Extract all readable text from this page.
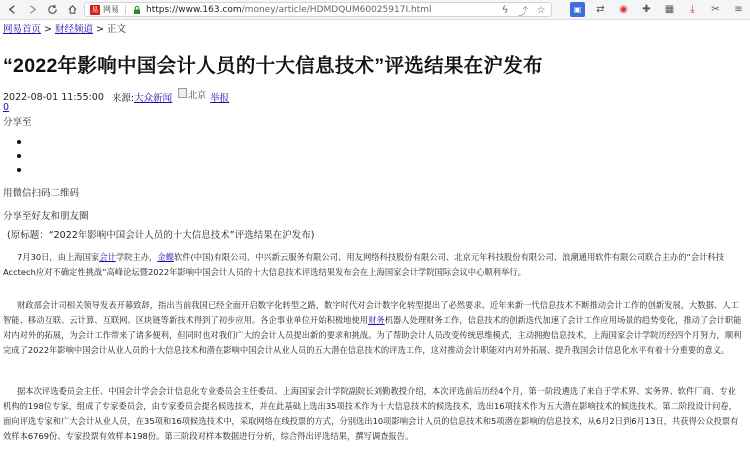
易 网易	https://www.163.com/money/article/HDMDQUM60025917I.html	ϟ ⤴ ☆	▣	⇄	◉	✚	▦	⤓	✂	≡
网易首页 > 财经频道 > 正文
“2022年影响中国会计人员的十大信息技术”评选结果在沪发布
2022-08-01 11:55:00 来源: 大众新闻 北京 举报
0
分享至
用微信扫码二维码
分享至好友和朋友圈
(原标题：“2022年影响中国会计人员的十大信息技术”评选结果在沪发布)

7月30日，由上海国家会计学院主办，金蝶软件(中国)有限公司、中兴新云服务有限公司、用友网络科技股份有限公司、北京元年科技股份有限公司、浪潮通用软件有限公司联合主办的“会计科技Acctech应对不确定性挑战”高峰论坛暨2022年影响中国会计人员的十大信息技术评选结果发布会在上海国家会计学院国际会议中心顺利举行。

财政部会计司相关领导发表开幕致辞，指出当前我国已经全面开启数字化转型之路，数字时代对会计数字化转型提出了必然要求。近年来新一代信息技术不断推动会计工作的创新发展，大数据、人工智能、移动互联、云计算、互联网、区块链等新技术得到了初步应用。各企事业单位开始积极地使用财务机器人处理财务工作，信息技术的创新迭代加速了会计工作应用场景的趋势变化，推动了会计职能对内对外的拓展，为会计工作带来了诸多便利，但同时也对我们广大的会计人员提出新的要求和挑战。为了帮助会计人员改变传统思维模式，主动拥抱信息技术，上海国家会计学院历经四个月努力，顺利完成了2022年影响中国会计从业人员的十大信息技术和潜在影响中国会计从业人员的五大潜在信息技术的评选工作，这对推动会计职能对内对外拓展、提升我国会计信息化水平有着十分重要的意义。

据本次评选委员会主任、中国会计学会会计信息化专业委员会主任委员、上海国家会计学院副院长刘勤教授介绍，本次评选前后历经4个月，第一阶段遴选了来自于学术界、实务界、软件厂商、专业机构的198位专家，组成了专家委员会，由专家委员会提名候选技术，并在此基础上选出35项技术作为十大信息技术的候选技术，选出16项技术作为五大潜在影响技术的候选技术。第二阶段设计问卷，面向评选专家和广大会计从业人员，在35项和16项候选技术中，采取网络在线投票的方式，分别选出10项影响会计人员的信息技术和5项潜在影响的信息技术，从6月2日到6月13日，共获得公众投票有效样本6769份、专家投票有效样本198份。第三阶段对样本数据进行分析，综合得出评选结果，撰写调查报告。
